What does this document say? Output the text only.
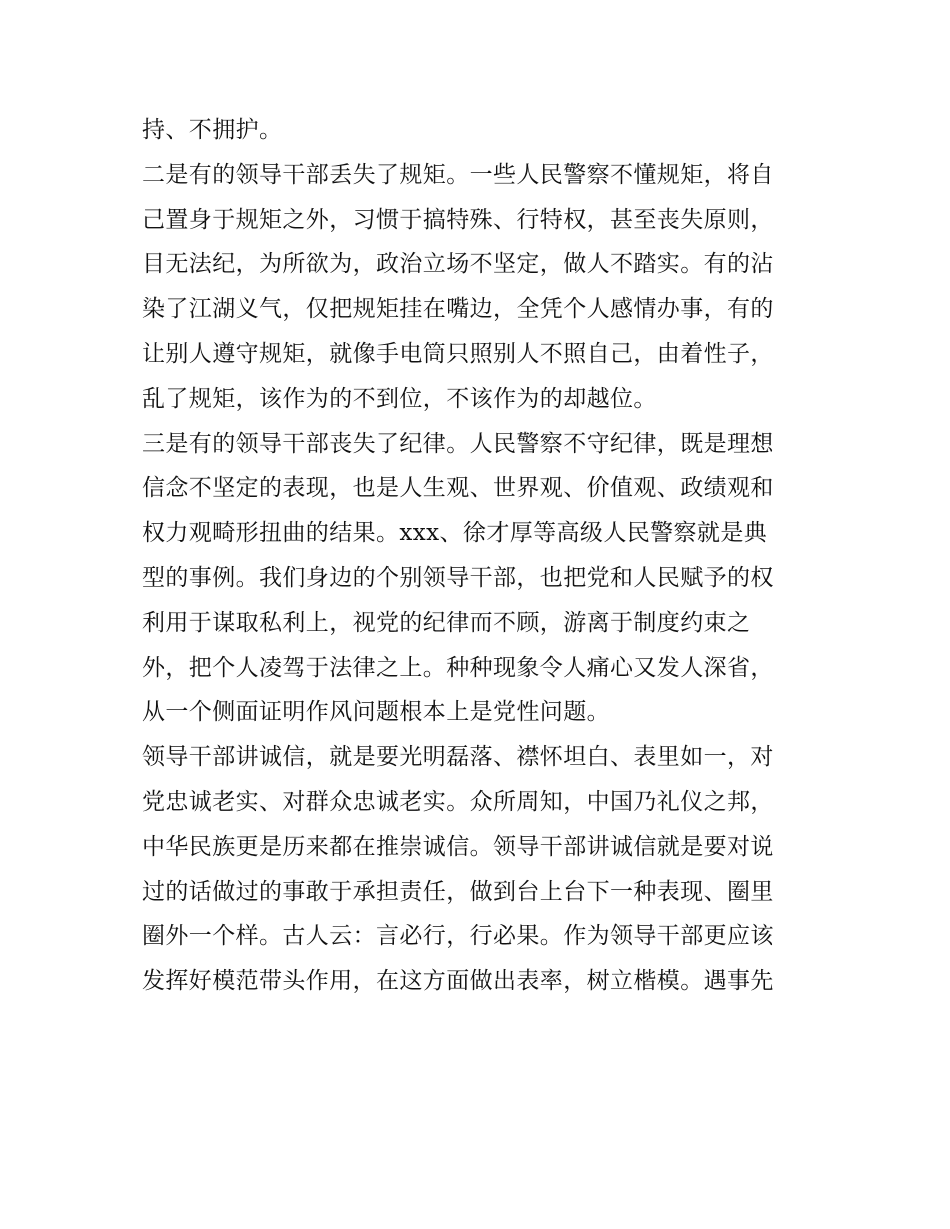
持、不拥护。
二是有的领导干部丢失了规矩。一些人民警察不懂规矩，将自
己置身于规矩之外，习惯于搞特殊、行特权，甚至丧失原则，
目无法纪，为所欲为，政治立场不坚定，做人不踏实。有的沾
染了江湖义气，仅把规矩挂在嘴边，全凭个人感情办事，有的
让别人遵守规矩，就像手电筒只照别人不照自己，由着性子，
乱了规矩，该作为的不到位，不该作为的却越位。
三是有的领导干部丧失了纪律。人民警察不守纪律，既是理想
信念不坚定的表现，也是人生观、世界观、价值观、政绩观和
权力观畸形扭曲的结果。xxx、徐才厚等高级人民警察就是典
型的事例。我们身边的个别领导干部，也把党和人民赋予的权
利用于谋取私利上，视党的纪律而不顾，游离于制度约束之
外，把个人凌驾于法律之上。种种现象令人痛心又发人深省，
从一个侧面证明作风问题根本上是党性问题。
领导干部讲诚信，就是要光明磊落、襟怀坦白、表里如一，对
党忠诚老实、对群众忠诚老实。众所周知，中国乃礼仪之邦，
中华民族更是历来都在推崇诚信。领导干部讲诚信就是要对说
过的话做过的事敢于承担责任，做到台上台下一种表现、圈里
圈外一个样。古人云：言必行，行必果。作为领导干部更应该
发挥好模范带头作用，在这方面做出表率，树立楷模。遇事先
